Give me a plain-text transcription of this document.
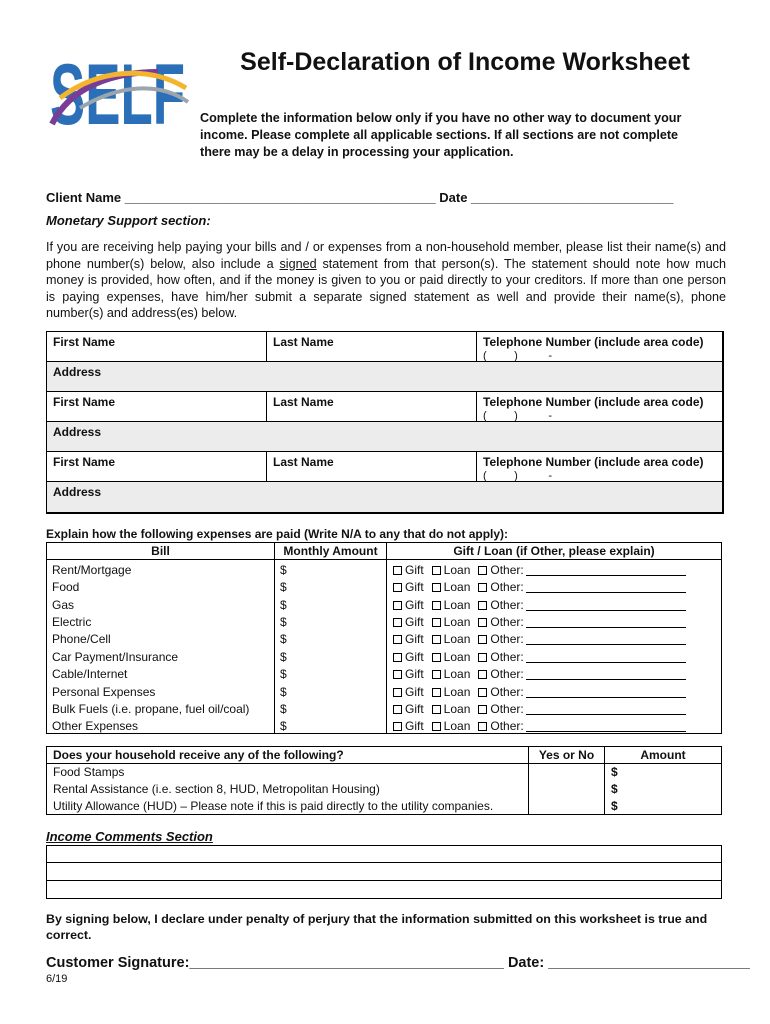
SELF	Self-Declaration of Income Worksheet
Complete the information below only if you have no other way to document your income. Please complete all applicable sections. If all sections are not complete there may be a delay in processing your application.
Client Name ___________________________________________ Date ____________________________
Monetary Support section:
If you are receiving help paying your bills and / or expenses from a non-household member, please list their name(s) and phone number(s) below, also include a signed statement from that person(s). The statement should note how much money is provided, how often, and if the money is given to you or paid directly to your creditors. If more than one person is paying expenses, have him/her submit a separate signed statement as well and provide their name(s), phone number(s) and address(es) below.
First Name	Last Name	Telephone Number (include area code)
(         )          -
Address
First Name	Last Name	Telephone Number (include area code)
(         )          -
Address
First Name	Last Name	Telephone Number (include area code)
(         )          -
Address
Explain how the following expenses are paid (Write N/A to any that do not apply):
Bill	Monthly Amount	Gift / Loan (if Other, please explain)
Rent/Mortgage	$	Gift Loan Other:
Food	$	Gift Loan Other:
Gas	$	Gift Loan Other:
Electric	$	Gift Loan Other:
Phone/Cell	$	Gift Loan Other:
Car Payment/Insurance	$	Gift Loan Other:
Cable/Internet	$	Gift Loan Other:
Personal Expenses	$	Gift Loan Other:
Bulk Fuels (i.e. propane, fuel oil/coal)	$	Gift Loan Other:
Other Expenses	$	Gift Loan Other:
Does your household receive any of the following?	Yes or No	Amount
Food Stamps		$
Rental Assistance (i.e. section 8, HUD, Metropolitan Housing)		$
Utility Allowance (HUD) – Please note if this is paid directly to the utility companies.		$
Income Comments Section
By signing below, I declare under penalty of perjury that the information submitted on this worksheet is true and correct.
Customer Signature:_______________________________________ Date: _________________________
6/19
